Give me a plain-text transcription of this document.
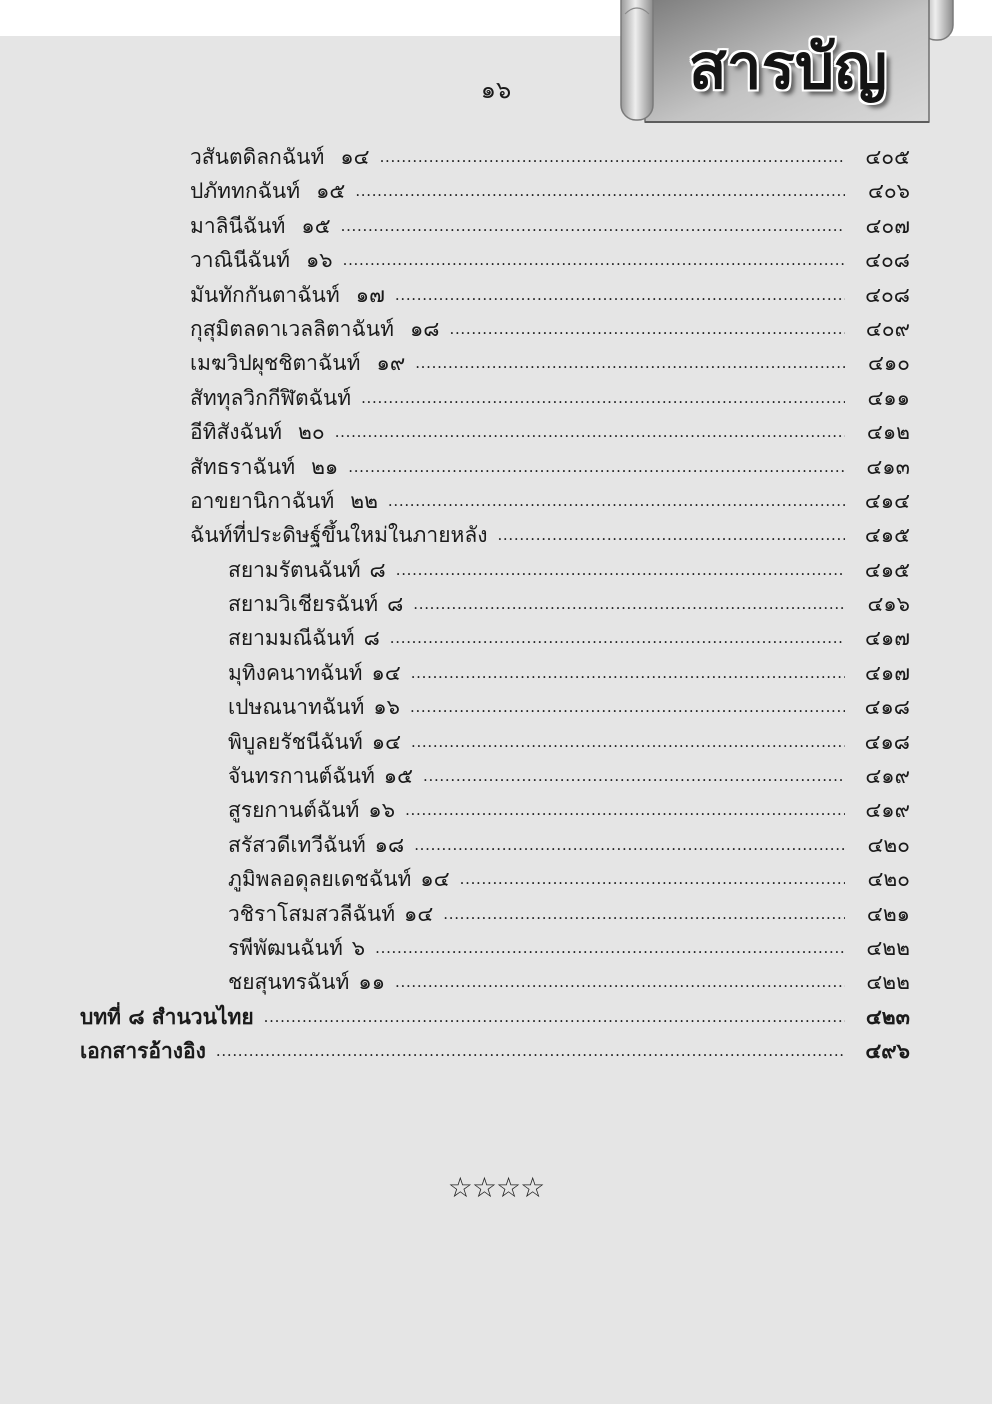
สารบัญ
๑๖
วสันตดิลกฉันท์ ๑๔ .....	๔๐๕
ปภัททกฉันท์ ๑๕ .....	๔๐๖
มาลินีฉันท์ ๑๕ .....	๔๐๗
วาณินีฉันท์ ๑๖ .....	๔๐๘
มันทักกันตาฉันท์ ๑๗ .....	๔๐๘
กุสุมิตลดาเวลลิตาฉันท์ ๑๘ .....	๔๐๙
เมฆวิปผุชชิตาฉันท์ ๑๙ .....	๔๑๐
สัททุลวิกกีฬิตฉันท์ .....	๔๑๑
อีทิสังฉันท์ ๒๐ .....	๔๑๒
สัทธราฉันท์ ๒๑ .....	๔๑๓
อาขยานิกาฉันท์ ๒๒ .....	๔๑๔
ฉันท์ที่ประดิษฐ์ขึ้นใหม่ในภายหลัง .....	๔๑๕
สยามรัตนฉันท์ ๘ .....	๔๑๕
สยามวิเชียรฉันท์ ๘ .....	๔๑๖
สยามมณีฉันท์ ๘ .....	๔๑๗
มุทิงคนาทฉันท์ ๑๔ .....	๔๑๗
เปษณนาทฉันท์ ๑๖ .....	๔๑๘
พิบูลยรัชนีฉันท์ ๑๔ .....	๔๑๘
จันทรกานต์ฉันท์ ๑๕ .....	๔๑๙
สูรยกานต์ฉันท์ ๑๖ .....	๔๑๙
สรัสวดีเทวีฉันท์ ๑๘ .....	๔๒๐
ภูมิพลอดุลยเดชฉันท์ ๑๔ .....	๔๒๐
วชิราโสมสวลีฉันท์ ๑๔ .....	๔๒๑
รพีพัฒนฉันท์ ๖ .....	๔๒๒
ชยสุนทรฉันท์ ๑๑ .....	๔๒๒
บทที่ ๘ สำนวนไทย .....	๔๒๓
เอกสารอ้างอิง .....	๔๙๖
☆☆☆☆
